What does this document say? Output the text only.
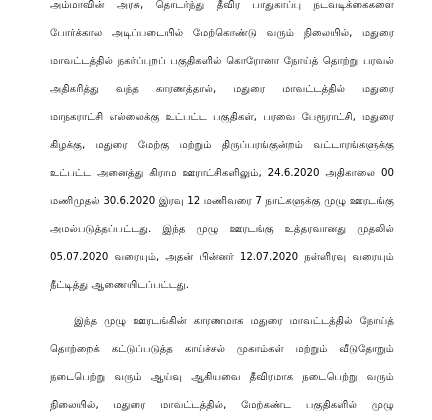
அம்மாவின் அரசு, தொடர்ந்து தீவிர பாதுகாப்பு நடவடிக்கைகளை
போர்க்கால அடிப்படையில் மேற்கொண்டு வரும் நிலையில், மதுரை
மாவட்டத்தில் நகர்ப்புறப் பகுதிகளில் கொரோனா நோய்த் தொற்று பரவல்
அதிகரித்து வந்த காரணத்தால், மதுரை மாவட்டத்தில் மதுரை
மாநகராட்சி எல்லைக்கு உட்பட்ட பகுதிகள், பரவை பேரூராட்சி, மதுரை
கிழக்கு, மதுரை மேற்கு மற்றும் திருப்பரங்குன்றம் வட்டாரங்களுக்கு
உட்பட்ட அனைத்து கிராம ஊராட்சிகளிலும், 24.6.2020 அதிகாலை 00
மணிமுதல் 30.6.2020 இரவு 12 மணிவரை 7 நாட்களுக்கு முழு ஊரடங்கு
அமல்படுத்தப்பட்டது. இந்த முழு ஊரடங்கு உத்தரவானது முதலில்
05.07.2020 வரையும், அதன் பின்னர் 12.07.2020 நள்ளிரவு வரையும்
நீட்டித்து ஆணையிடப்பட்டது.
இந்த முழு ஊரடங்கின் காரணமாக மதுரை மாவட்டத்தில் நோய்த்
தொற்றைக் கட்டுப்படுத்த காய்ச்சல் முகாம்கள் மற்றும் வீடுதோறும்
நடைபெற்று வரும் ஆய்வு ஆகியவை தீவிரமாக நடைபெற்று வரும்
நிலையில், மதுரை மாவட்டத்தில், மேற்கண்ட பகுதிகளில் முழு
